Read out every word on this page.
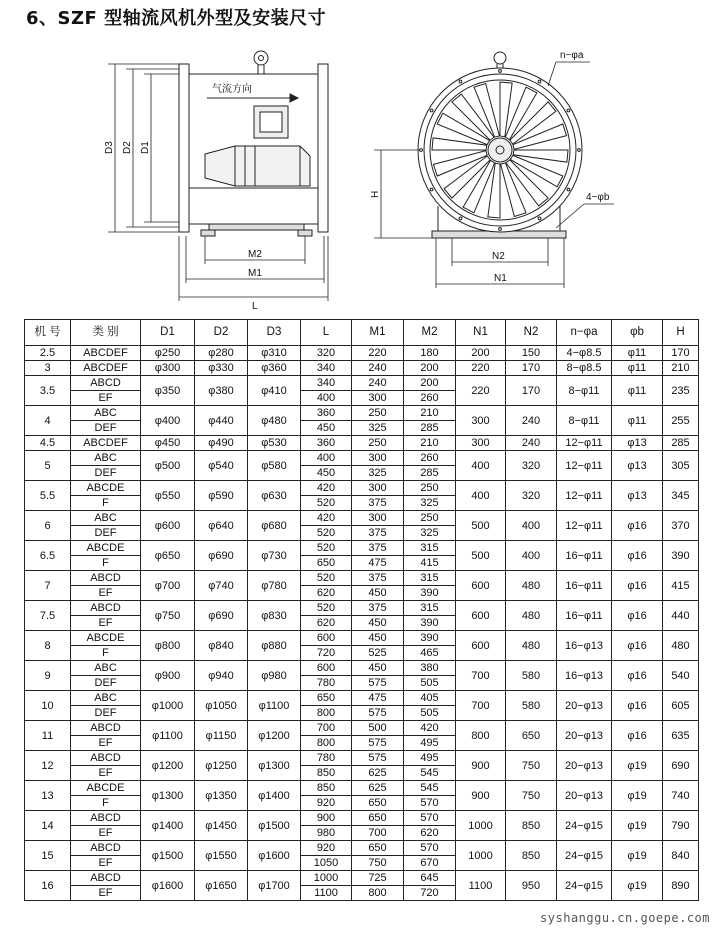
6、SZF 型轴流风机外型及安装尺寸
气流方向
D3 D2 D1
M2
M1
L
n−φa
4−φb
H
N2
N1
机 号	类 别	D1	D2	D3	L	M1	M2	N1	N2	n−φa	φb	H
2.5	ABCDEF	φ250	φ280	φ310	320	220	180	200	150	4−φ8.5	φ11	170
3	ABCDEF	φ300	φ330	φ360	340	240	200	220	170	8−φ8.5	φ11	210
3.5	ABCD	φ350	φ380	φ410	340	240	200	220	170	8−φ11	φ11	235
	EF				400	300	260					
4	ABC	φ400	φ440	φ480	360	250	210	300	240	8−φ11	φ11	255
	DEF				450	325	285					
4.5	ABCDEF	φ450	φ490	φ530	360	250	210	300	240	12−φ11	φ13	285
5	ABC	φ500	φ540	φ580	400	300	260	400	320	12−φ11	φ13	305
	DEF				450	325	285					
5.5	ABCDE	φ550	φ590	φ630	420	300	250	400	320	12−φ11	φ13	345
	F				520	375	325					
6	ABC	φ600	φ640	φ680	420	300	250	500	400	12−φ11	φ16	370
	DEF				520	375	325					
6.5	ABCDE	φ650	φ690	φ730	520	375	315	500	400	16−φ11	φ16	390
	F				650	475	415					
7	ABCD	φ700	φ740	φ780	520	375	315	600	480	16−φ11	φ16	415
	EF				620	450	390					
7.5	ABCD	φ750	φ690	φ830	520	375	315	600	480	16−φ11	φ16	440
	EF				620	450	390					
8	ABCDE	φ800	φ840	φ880	600	450	390	600	480	16−φ13	φ16	480
	F				720	525	465					
9	ABC	φ900	φ940	φ980	600	450	380	700	580	16−φ13	φ16	540
	DEF				780	575	505					
10	ABC	φ1000	φ1050	φ1100	650	475	405	700	580	20−φ13	φ16	605
	DEF				800	575	505					
11	ABCD	φ1100	φ1150	φ1200	700	500	420	800	650	20−φ13	φ16	635
	EF				800	575	495					
12	ABCD	φ1200	φ1250	φ1300	780	575	495	900	750	20−φ13	φ19	690
	EF				850	625	545					
13	ABCDE	φ1300	φ1350	φ1400	850	625	545	900	750	20−φ13	φ19	740
	F				920	650	570					
14	ABCD	φ1400	φ1450	φ1500	900	650	570	1000	850	24−φ15	φ19	790
	EF				980	700	620					
15	ABCD	φ1500	φ1550	φ1600	920	650	570	1000	850	24−φ15	φ19	840
	EF				1050	750	670					
16	ABCD	φ1600	φ1650	φ1700	1000	725	645	1100	950	24−φ15	φ19	890
	EF				1100	800	720					
syshanggu.cn.goepe.com
